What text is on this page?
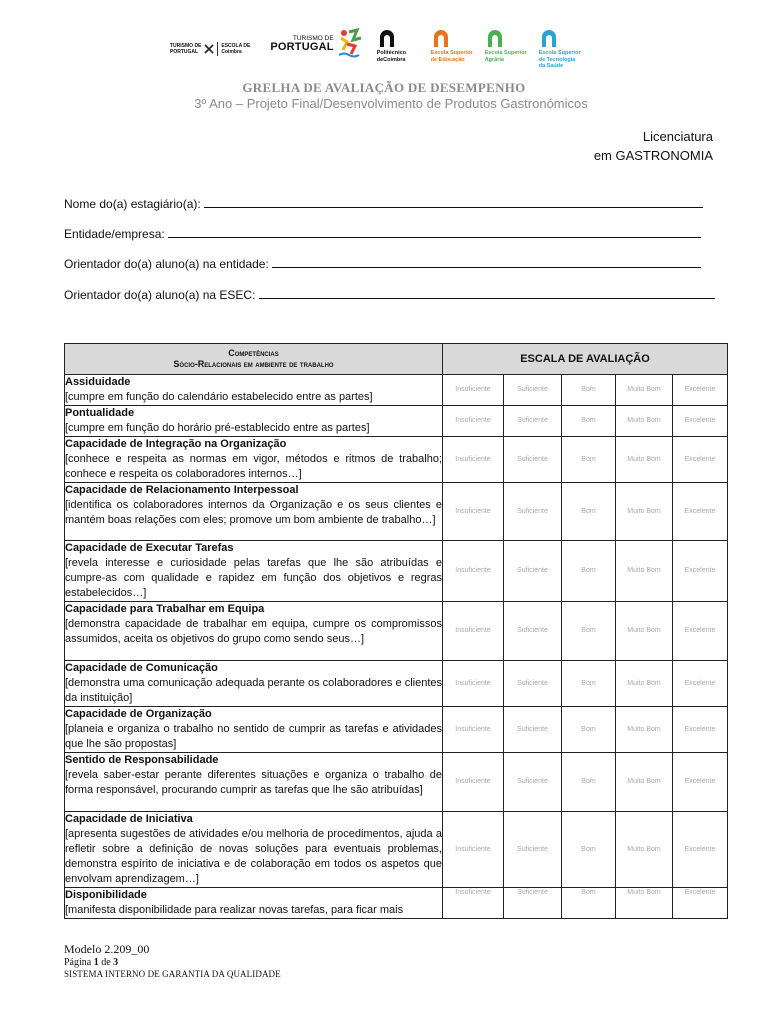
TURISMO DE
PORTUGAL
ESCOLA DE
Coimbra
TURISMO DE
PORTUGAL	Politécnico
deCoimbra
Escola Superior
de Educação
Escola Superior
Agrária
Escola Superior
de Tecnologia
da Saúde
GRELHA DE AVALIAÇÃO DE DESEMPENHO
3º Ano – Projeto Final/Desenvolvimento de Produtos Gastronómicos
Licenciatura
em GASTRONOMIA
Nome do(a) estagiário(a):
Entidade/empresa:
Orientador do(a) aluno(a) na entidade:
Orientador do(a) aluno(a) na ESEC:
Competências
Sócio-Relacionais em ambiente de trabalho	ESCALA DE AVALIAÇÃO				

Assiduidade
[cumpre em função do calendário estabelecido entre as partes]	Insuficiente	Suficiente	Bom	Muito Bom	Excelente

Pontualidade
[cumpre em função do horário pré-establecido entre as partes]	Insuficiente	Suficiente	Bom	Muito Bom	Excelente

Capacidade de Integração na Organização
[conhece e respeita as normas em vigor, métodos e ritmos de trabalho; conhece e respeita os colaboradores internos…]	Insuficiente	Suficiente	Bom	Muito Bom	Excelente

Capacidade de Relacionamento Interpessoal
[identifica os colaboradores internos da Organização e os seus clientes e mantém boas relações com eles; promove um bom ambiente de trabalho…]	Insuficiente	Suficiente	Bom	Muito Bom	Excelente

Capacidade de Executar Tarefas
[revela interesse e curiosidade pelas tarefas que lhe são atribuídas e cumpre-as com qualidade e rapidez em função dos objetivos e regras estabelecidos…]	Insuficiente	Suficiente	Bom	Muito Bom	Excelente

Capacidade para Trabalhar em Equipa
[demonstra capacidade de trabalhar em equipa, cumpre os compromissos assumidos, aceita os objetivos do grupo como sendo seus…]	Insuficiente	Suficiente	Bom	Muito Bom	Excelente

Capacidade de Comunicação
[demonstra uma comunicação adequada perante os colaboradores e clientes da instituição]	Insuficiente	Suficiente	Bom	Muito Bom	Excelente

Capacidade de Organização
[planeia e organiza o trabalho no sentido de cumprir as tarefas e atividades que lhe são propostas]	Insuficiente	Suficiente	Bom	Muito Bom	Excelente

Sentido de Responsabilidade
[revela saber-estar perante diferentes situações e organiza o trabalho de forma responsável, procurando cumprir as tarefas que lhe são atribuídas]	Insuficiente	Suficiente	Bom	Muito Bom	Excelente

Capacidade de Iniciativa
[apresenta sugestões de atividades e/ou melhoria de procedimentos, ajuda a refletir sobre a definição de novas soluções para eventuais problemas, demonstra espírito de iniciativa e de colaboração em todos os aspetos que envolvam aprendizagem…]	Insuficiente	Suficiente	Bom	Muito Bom	Excelente

Disponibilidade
[manifesta disponibilidade para realizar novas tarefas, para ficar mais	Insuficiente	Suficiente	Bom	Muito Bom	Excelente
Modelo 2.209_00
Página 1 de 3
SISTEMA INTERNO DE GARANTIA DA QUALIDADE
